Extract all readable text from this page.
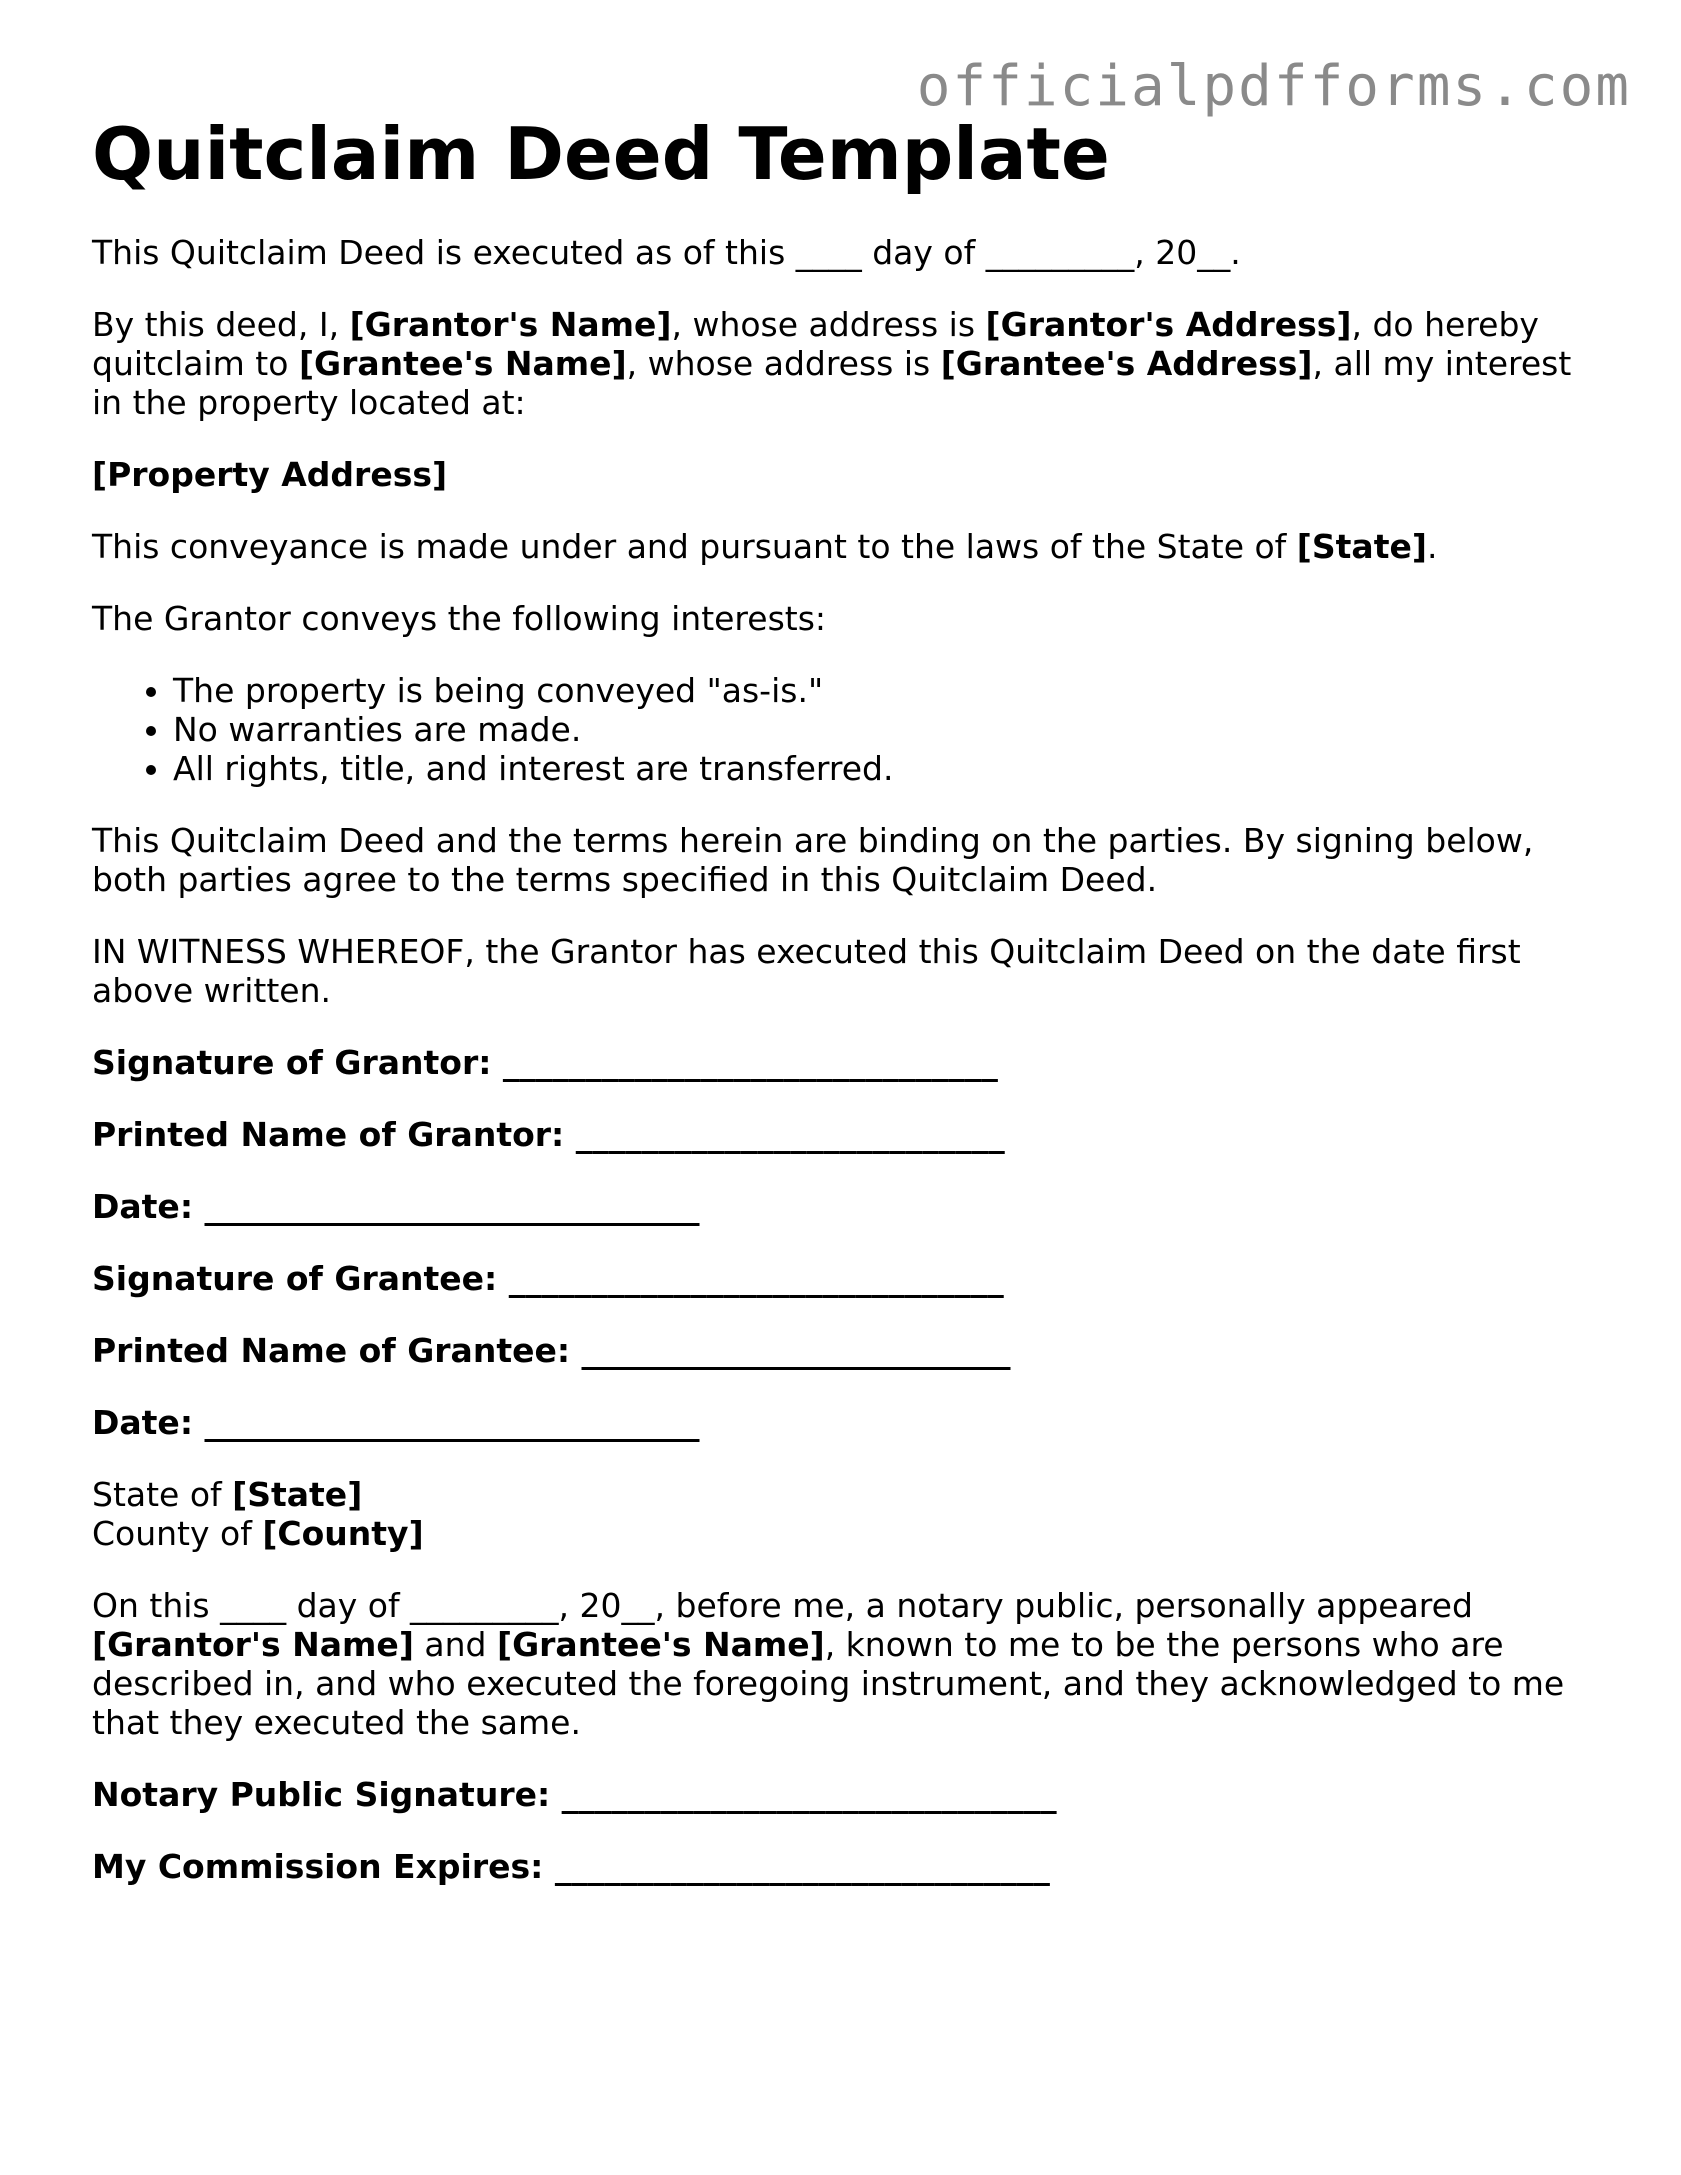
officialpdfforms.com
Quitclaim Deed Template

This Quitclaim Deed is executed as of this ____ day of _________, 20__.

By this deed, I, [Grantor's Name], whose address is [Grantor's Address], do hereby quitclaim to [Grantee's Name], whose address is [Grantee's Address], all my interest in the property located at:

[Property Address]

This conveyance is made under and pursuant to the laws of the State of [State].

The Grantor conveys the following interests:

• The property is being conveyed "as-is."
• No warranties are made.
• All rights, title, and interest are transferred.

This Quitclaim Deed and the terms herein are binding on the parties. By signing below, both parties agree to the terms specified in this Quitclaim Deed.

IN WITNESS WHEREOF, the Grantor has executed this Quitclaim Deed on the date first above written.

Signature of Grantor: ______________________________

Printed Name of Grantor: __________________________

Date: ______________________________

Signature of Grantee: ______________________________

Printed Name of Grantee: __________________________

Date: ______________________________

State of [State]
County of [County]

On this ____ day of _________, 20__, before me, a notary public, personally appeared [Grantor's Name] and [Grantee's Name], known to me to be the persons who are described in, and who executed the foregoing instrument, and they acknowledged to me that they executed the same.

Notary Public Signature: ______________________________

My Commission Expires: ______________________________
